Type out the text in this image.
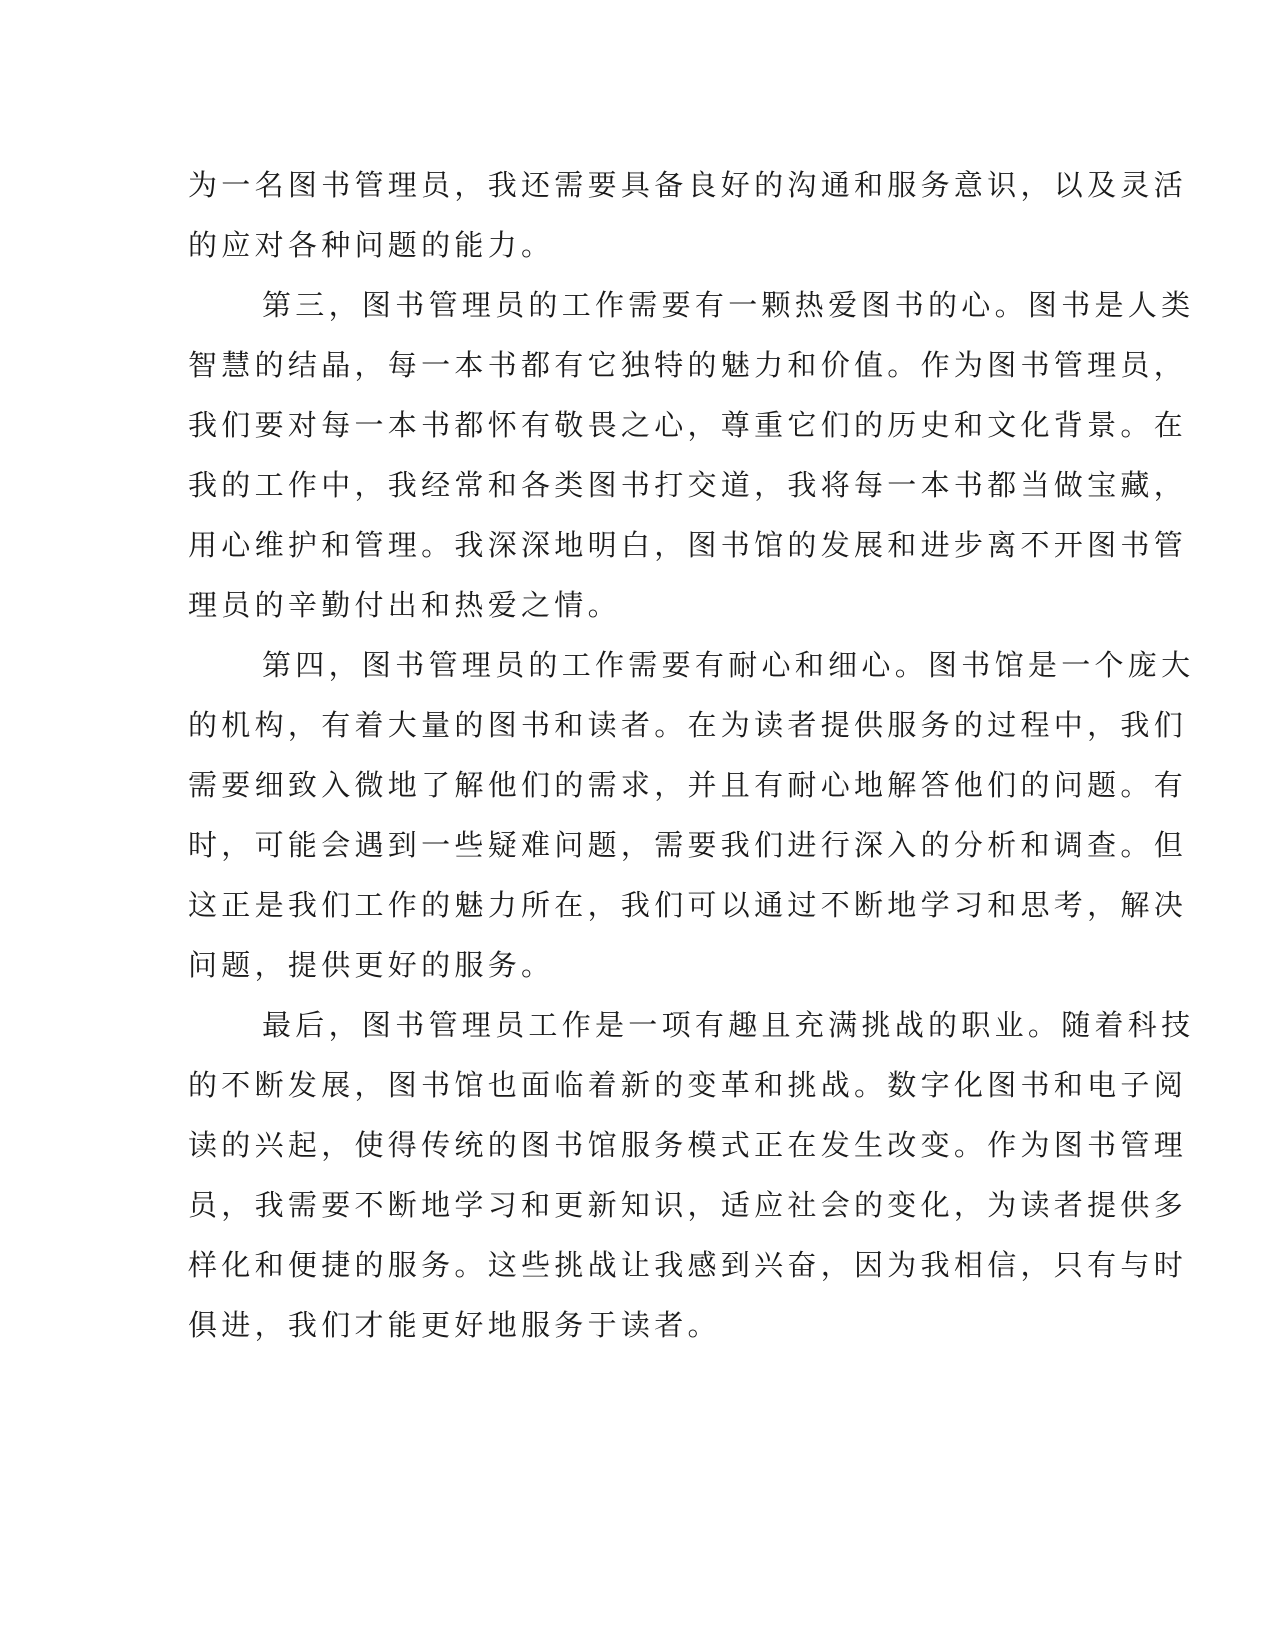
为一名图书管理员，我还需要具备良好的沟通和服务意识，以及灵活
的应对各种问题的能力。

第三，图书管理员的工作需要有一颗热爱图书的心。图书是人类
智慧的结晶，每一本书都有它独特的魅力和价值。作为图书管理员，
我们要对每一本书都怀有敬畏之心，尊重它们的历史和文化背景。在
我的工作中，我经常和各类图书打交道，我将每一本书都当做宝藏，
用心维护和管理。我深深地明白，图书馆的发展和进步离不开图书管
理员的辛勤付出和热爱之情。

第四，图书管理员的工作需要有耐心和细心。图书馆是一个庞大
的机构，有着大量的图书和读者。在为读者提供服务的过程中，我们
需要细致入微地了解他们的需求，并且有耐心地解答他们的问题。有
时，可能会遇到一些疑难问题，需要我们进行深入的分析和调查。但
这正是我们工作的魅力所在，我们可以通过不断地学习和思考，解决
问题，提供更好的服务。

最后，图书管理员工作是一项有趣且充满挑战的职业。随着科技
的不断发展，图书馆也面临着新的变革和挑战。数字化图书和电子阅
读的兴起，使得传统的图书馆服务模式正在发生改变。作为图书管理
员，我需要不断地学习和更新知识，适应社会的变化，为读者提供多
样化和便捷的服务。这些挑战让我感到兴奋，因为我相信，只有与时
俱进，我们才能更好地服务于读者。
